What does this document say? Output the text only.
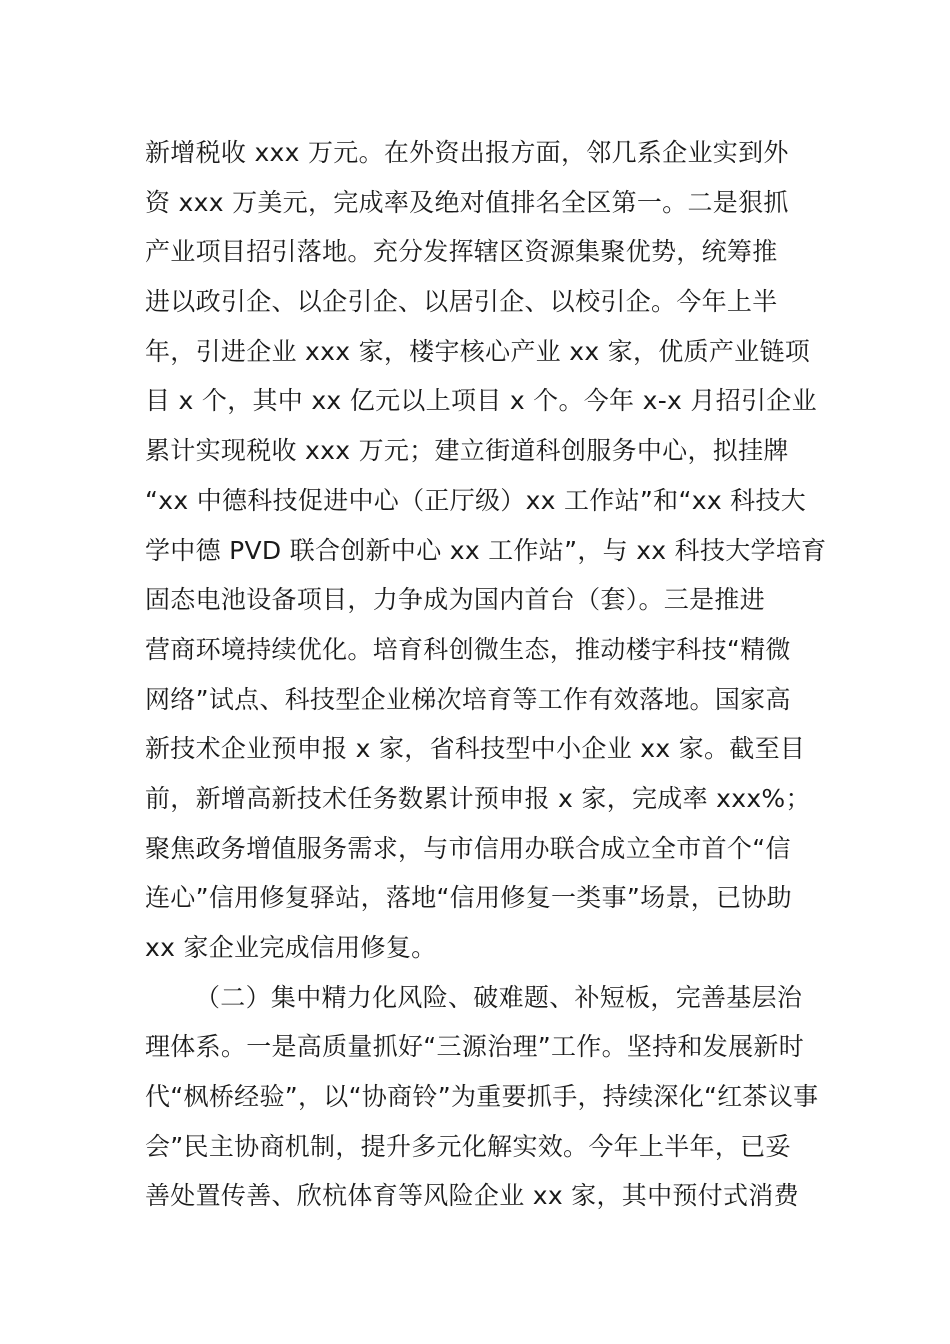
新增税收 xxx 万元。在外资出报方面，邻几系企业实到外
资 xxx 万美元，完成率及绝对值排名全区第一。二是狠抓
产业项目招引落地。充分发挥辖区资源集聚优势，统筹推
进以政引企、以企引企、以居引企、以校引企。今年上半
年，引进企业 xxx 家，楼宇核心产业 xx 家，优质产业链项
目 x 个，其中 xx 亿元以上项目 x 个。今年 x-x 月招引企业
累计实现税收 xxx 万元；建立街道科创服务中心，拟挂牌
“xx 中德科技促进中心（正厅级）xx 工作站”和“xx 科技大
学中德 PVD 联合创新中心 xx 工作站”，与 xx 科技大学培育
固态电池设备项目，力争成为国内首台（套）。三是推进
营商环境持续优化。培育科创微生态，推动楼宇科技“精微
网络”试点、科技型企业梯次培育等工作有效落地。国家高
新技术企业预申报 x 家，省科技型中小企业 xx 家。截至目
前，新增高新技术任务数累计预申报 x 家，完成率 xxx%；
聚焦政务增值服务需求，与市信用办联合成立全市首个“信
连心”信用修复驿站，落地“信用修复一类事”场景，已协助
xx 家企业完成信用修复。
（二）集中精力化风险、破难题、补短板，完善基层治
理体系。一是高质量抓好“三源治理”工作。坚持和发展新时
代“枫桥经验”，以“协商铃”为重要抓手，持续深化“红茶议事
会”民主协商机制，提升多元化解实效。今年上半年，已妥
善处置传善、欣杭体育等风险企业 xx 家，其中预付式消费
